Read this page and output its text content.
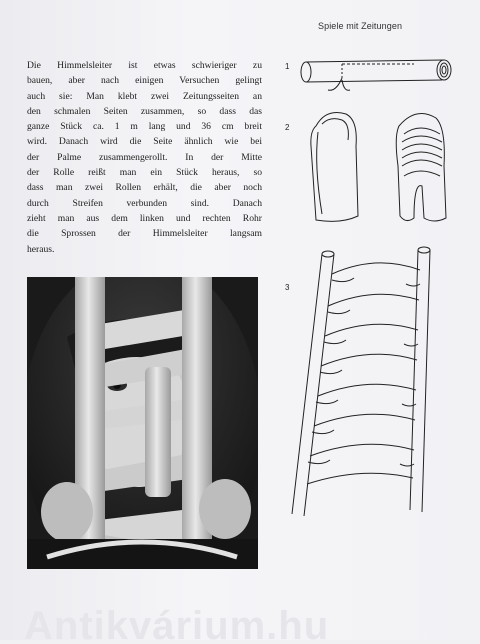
Spiele mit Zeitungen
Die Himmelsleiter ist etwas schwieriger zu
bauen, aber nach einigen Versuchen gelingt
auch sie: Man klebt zwei Zeitungsseiten an
den schmalen Seiten zusammen, so dass das
ganze Stück ca. 1 m lang und 36 cm breit
wird. Danach wird die Seite ähnlich wie bei
der Palme zusammengerollt. In der Mitte
der Rolle reißt man ein Stück heraus, so
dass man zwei Rollen erhält, die aber noch
durch Streifen verbunden sind. Danach
zieht man aus dem linken und rechten Rohr
die Sprossen der Himmelsleiter langsam
heraus.
1
2
3
Antikvárium.hu
